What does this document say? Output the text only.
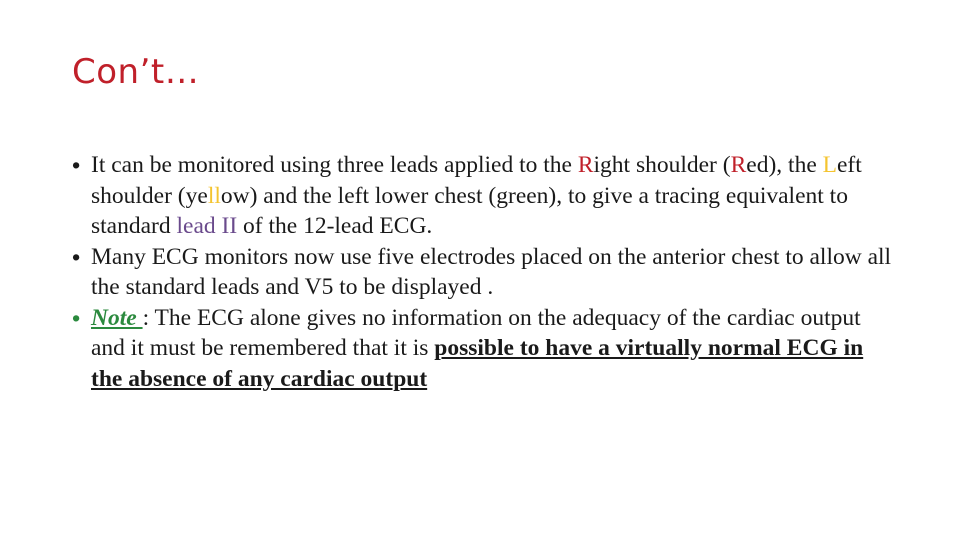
Con’t…

• It can be monitored using three leads applied to the Right shoulder (Red), the Left shoulder (yellow) and the left lower chest (green), to give a tracing equivalent to standard lead II of the 12-lead ECG.

• Many ECG monitors now use five electrodes placed on the anterior chest to allow all the standard leads and V5 to be displayed .

• Note : The ECG alone gives no information on the adequacy of the cardiac output and it must be remembered that it is possible to have a virtually normal ECG in the absence of any cardiac output
